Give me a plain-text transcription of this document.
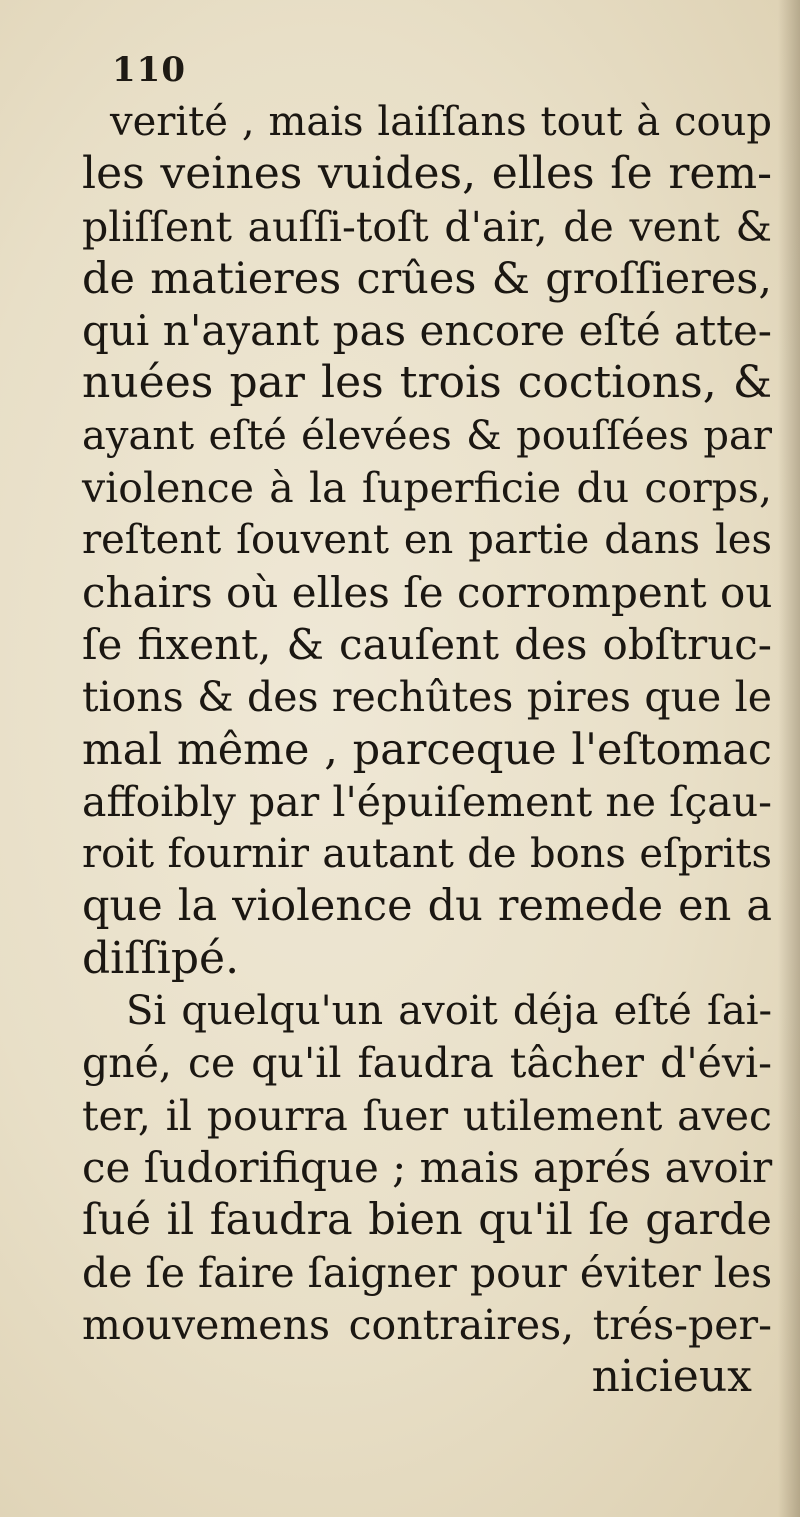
110
verité , mais laiſſans tout à coup
les veines vuides, elles ſe rem-
pliſſent auſſi-toſt d'air, de vent &
de matieres crûes & groſſieres,
qui n'ayant pas encore eſté atte-
nuées par les trois coctions, &
ayant eſté élevées & pouſſées par
violence à la ſuperficie du corps,
reſtent ſouvent en partie dans les
chairs où elles ſe corrompent ou
ſe fixent, & cauſent des obſtruc-
tions & des rechûtes pires que le
mal même , parceque l'eſtomac
affoibly par l'épuiſement ne ſçau-
roit fournir autant de bons eſprits
que la violence du remede en a
diſſipé.
Si quelqu'un avoit déja eſté ſai-
gné, ce qu'il faudra tâcher d'évi-
ter, il pourra ſuer utilement avec
ce ſudorifique ; mais aprés avoir
ſué il faudra bien qu'il ſe garde
de ſe faire ſaigner pour éviter les
mouvemens contraires, trés-per-
nicieux
